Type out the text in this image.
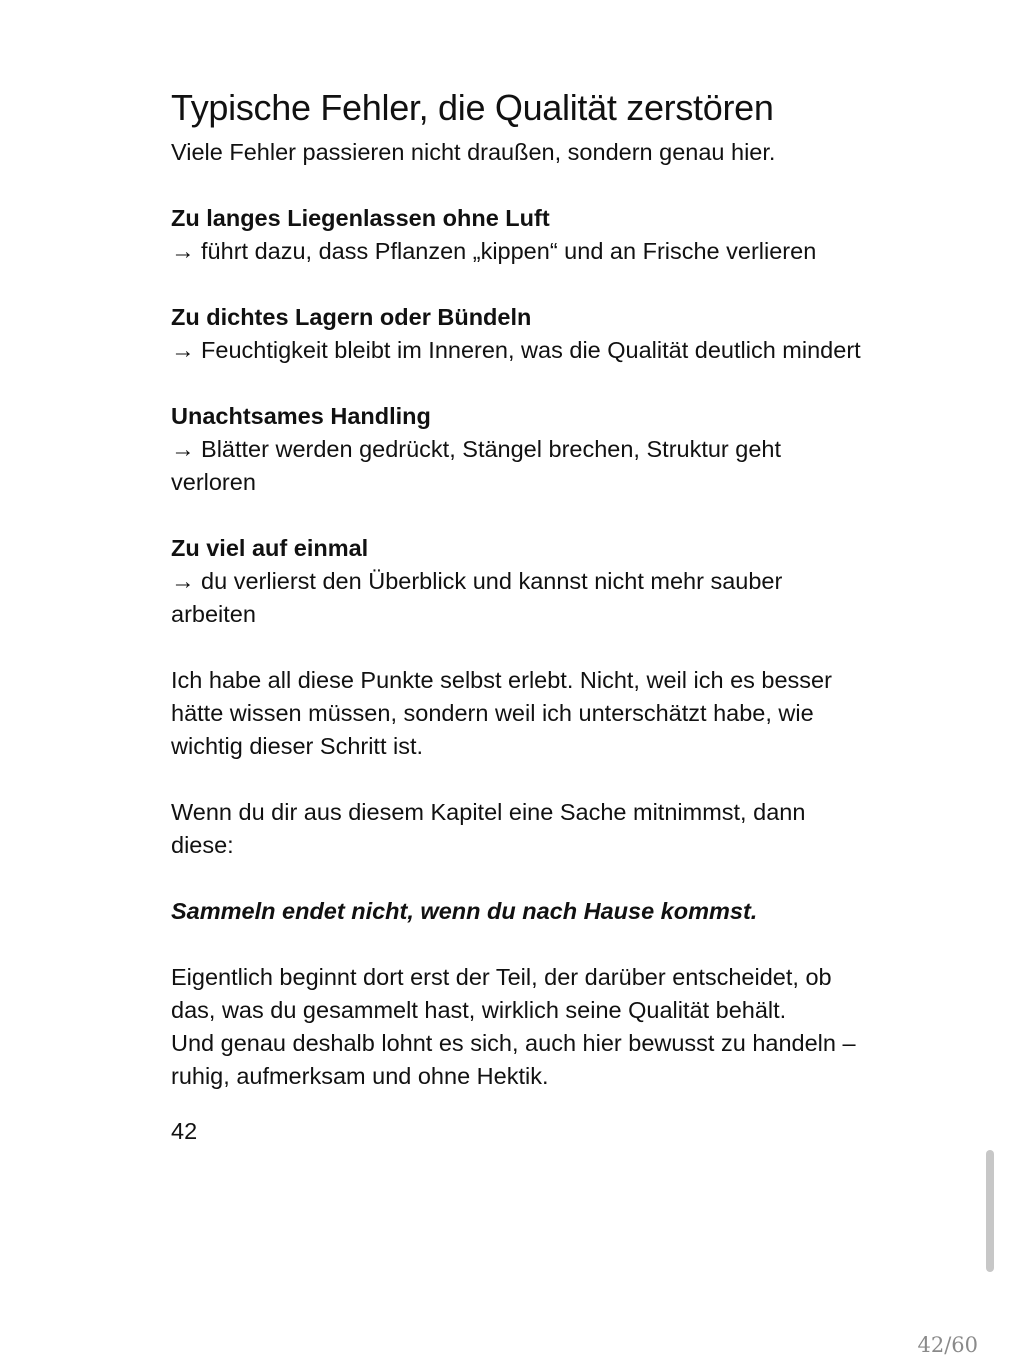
Typische Fehler, die Qualität zerstören

Viele Fehler passieren nicht draußen, sondern genau hier.

Zu langes Liegenlassen ohne Luft

→ führt dazu, dass Pflanzen „kippen“ und an Frische verlieren

Zu dichtes Lagern oder Bündeln

→ Feuchtigkeit bleibt im Inneren, was die Qualität deutlich mindert

Unachtsames Handling

→ Blätter werden gedrückt, Stängel brechen, Struktur geht verloren

Zu viel auf einmal

→ du verlierst den Überblick und kannst nicht mehr sauber arbeiten

Ich habe all diese Punkte selbst erlebt. Nicht, weil ich es besser hätte wissen müssen, sondern weil ich unterschätzt habe, wie wichtig dieser Schritt ist.

Wenn du dir aus diesem Kapitel eine Sache mitnimmst, dann diese:

Sammeln endet nicht, wenn du nach Hause kommst.

Eigentlich beginnt dort erst der Teil, der darüber entscheidet, ob das, was du gesammelt hast, wirklich seine Qualität behält.

Und genau deshalb lohnt es sich, auch hier bewusst zu handeln – ruhig, aufmerksam und ohne Hektik.

42
42/60
